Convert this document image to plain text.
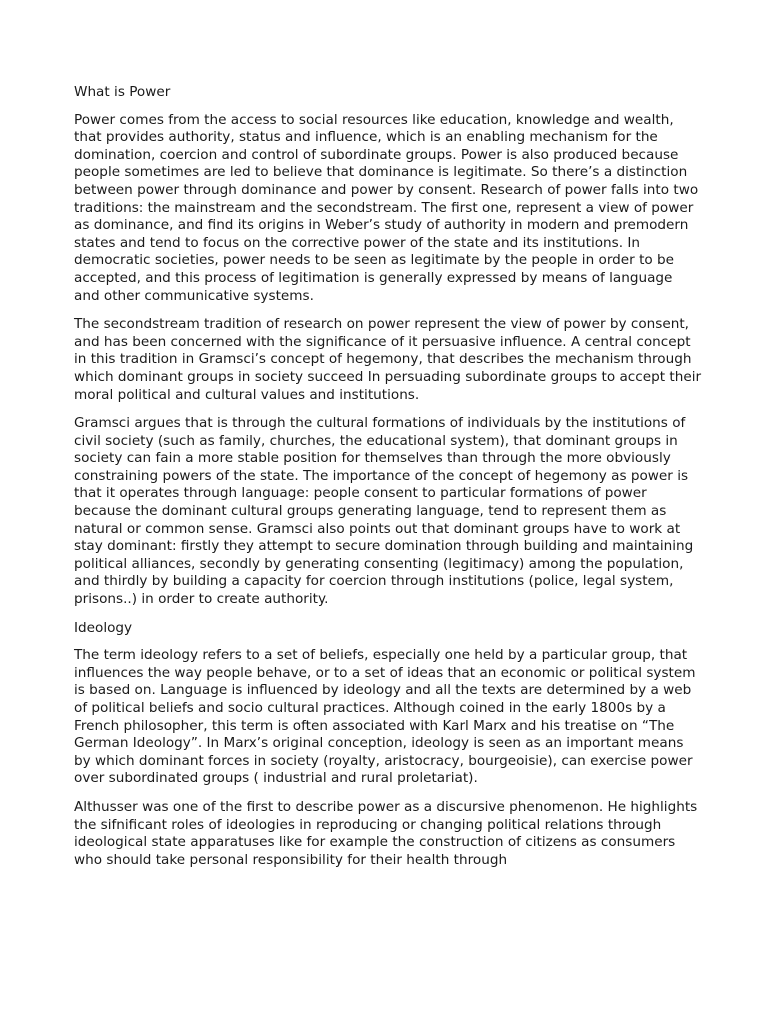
What is Power

Power comes from the access to social resources like education, knowledge and wealth, that provides authority, status and influence, which is an enabling mechanism for the domination, coercion and control of subordinate groups. Power is also produced because people sometimes are led to believe that dominance is legitimate. So there’s a distinction between power through dominance and power by consent. Research of power falls into two traditions: the mainstream and the secondstream. The first one, represent a view of power as dominance, and find its origins in Weber’s study of authority in modern and premodern states and tend to focus on the corrective power of the state and its institutions. In democratic societies, power needs to be seen as legitimate by the people in order to be accepted, and this process of legitimation is generally expressed by means of language and other communicative systems.

The secondstream tradition of research on power represent the view of power by consent, and has been concerned with the significance of it persuasive influence. A central concept in this tradition in Gramsci’s concept of hegemony, that describes the mechanism through which dominant groups in society succeed In persuading subordinate groups to accept their moral political and cultural values and institutions.

Gramsci argues that is through the cultural formations of individuals by the institutions of civil society (such as family, churches, the educational system), that dominant groups in society can fain a more stable position for themselves than through the more obviously constraining powers of the state. The importance of the concept of hegemony as power is that it operates through language: people consent to particular formations of power because the dominant cultural groups generating language, tend to represent them as natural or common sense. Gramsci also points out that dominant groups have to work at stay dominant: firstly they attempt to secure domination through building and maintaining political alliances, secondly by generating consenting (legitimacy) among the population, and thirdly by building a capacity for coercion through institutions (police, legal system, prisons..) in order to create authority.

Ideology

The term ideology refers to a set of beliefs, especially one held by a particular group, that influences the way people behave, or to a set of ideas that an economic or political system is based on. Language is influenced by ideology and all the texts are determined by a web of political beliefs and socio cultural practices. Although coined in the early 1800s by a French philosopher, this term is often associated with Karl Marx and his treatise on “The German Ideology”. In Marx’s original conception, ideology is seen as an important means by which dominant forces in society (royalty, aristocracy, bourgeoisie), can exercise power over subordinated groups ( industrial and rural proletariat).

Althusser was one of the first to describe power as a discursive phenomenon. He highlights the sifnificant roles of ideologies in reproducing or changing political relations through ideological state apparatuses like for example the construction of citizens as consumers who should take personal responsibility for their health through
